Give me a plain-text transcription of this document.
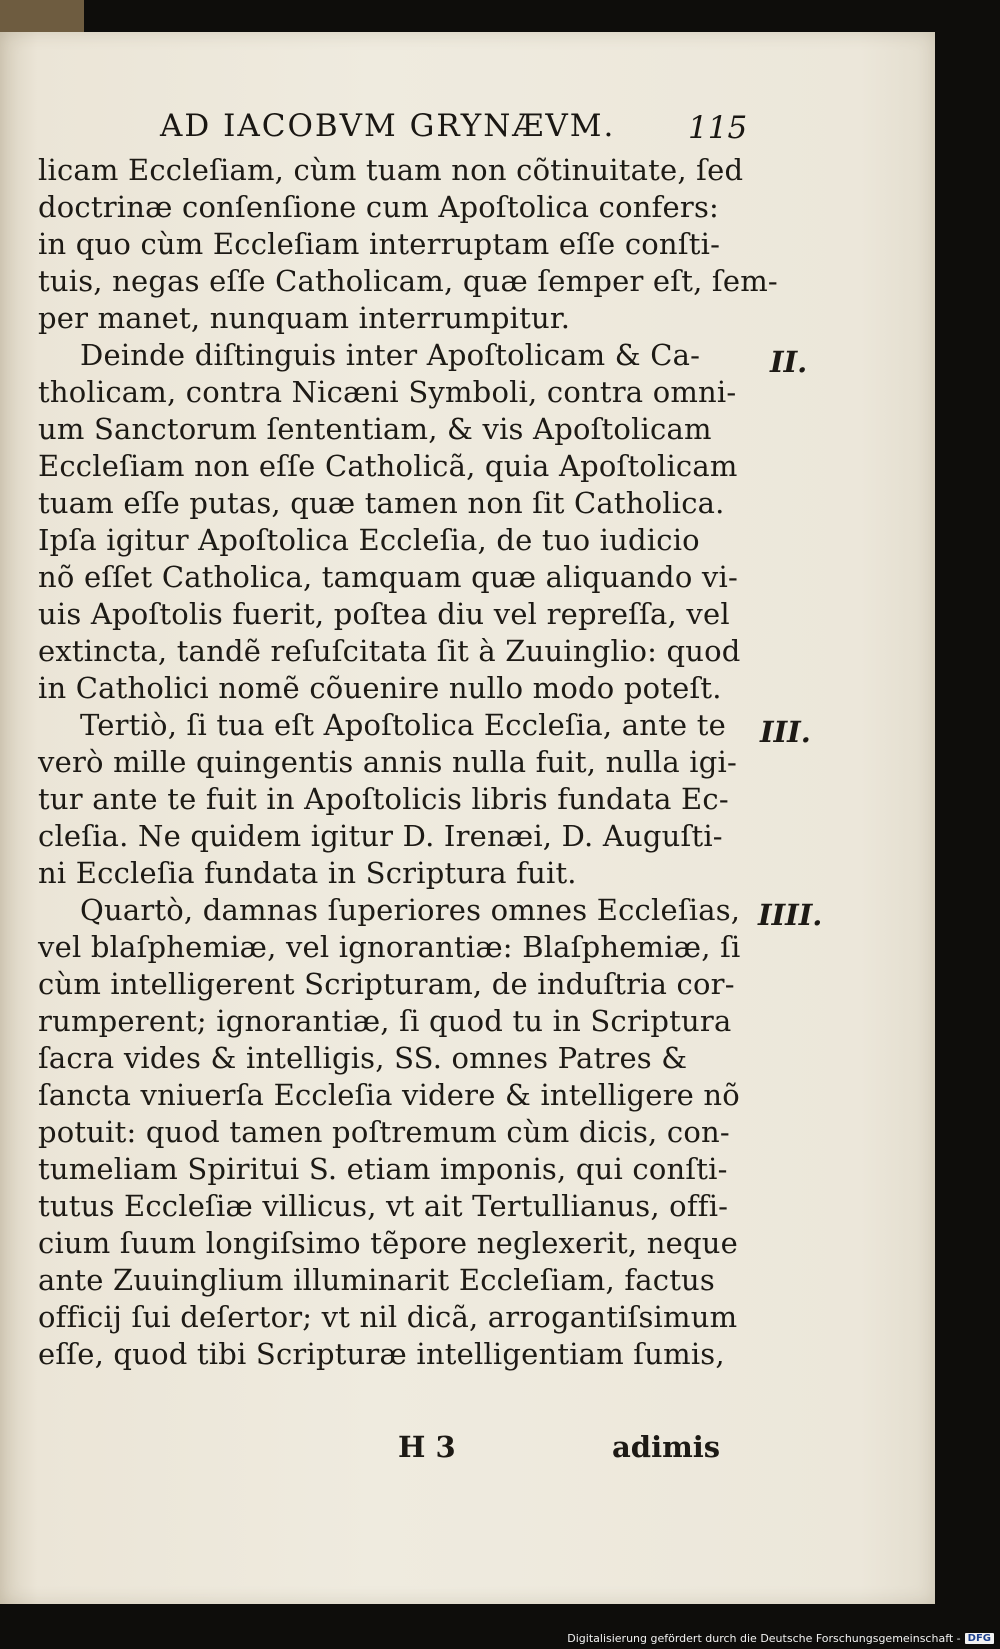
AD IACOBVM GRYNÆVM.	115
licam Eccleſiam, cùm tuam non cõtinuitate, ſed
doctrinæ conſenſione cum Apoſtolica confers:
in quo cùm Eccleſiam interruptam eſſe conſti-
tuis, negas eſſe Catholicam, quæ ſemper eſt, ſem-
per manet, nunquam interrumpitur.
Deinde diſtinguis inter Apoſtolicam & Ca-
tholicam, contra Nicæni Symboli, contra omni-
um Sanctorum ſententiam, & vis Apoſtolicam
Eccleſiam non eſſe Catholicã, quia Apoſtolicam
tuam eſſe putas, quæ tamen non ſit Catholica.
Ipſa igitur Apoſtolica Eccleſia, de tuo iudicio
nõ eſſet Catholica, tamquam quæ aliquando vi-
uis Apoſtolis fuerit, poſtea diu vel repreſſa, vel
extincta, tandẽ reſuſcitata ſit à Zuuinglio: quod
in Catholici nomẽ cõuenire nullo modo poteſt.
Tertiò, ſi tua eſt Apoſtolica Eccleſia, ante te
verò mille quingentis annis nulla fuit, nulla igi-
tur ante te fuit in Apoſtolicis libris fundata Ec-
cleſia. Ne quidem igitur D. Irenæi, D. Auguſti-
ni Eccleſia fundata in Scriptura fuit.
Quartò, damnas ſuperiores omnes Eccleſias,
vel blaſphemiæ, vel ignorantiæ: Blaſphemiæ, ſi
cùm intelligerent Scripturam, de induſtria cor-
rumperent; ignorantiæ, ſi quod tu in Scriptura
ſacra vides & intelligis, SS. omnes Patres &
ſancta vniuerſa Eccleſia videre & intelligere nõ
potuit: quod tamen poſtremum cùm dicis, con-
tumeliam Spiritui S. etiam imponis, qui conſti-
tutus Eccleſiæ villicus, vt ait Tertullianus, offi-
cium ſuum longiſsimo tẽpore neglexerit, neque
ante Zuuinglium illuminarit Eccleſiam, factus
officij ſui deſertor; vt nil dicã, arrogantiſsimum
eſſe, quod tibi Scripturæ intelligentiam ſumis,
II.
III.
IIII.
H 3	adimis
Digitalisierung gefördert durch die Deutsche Forschungsgemeinschaft - DFG
